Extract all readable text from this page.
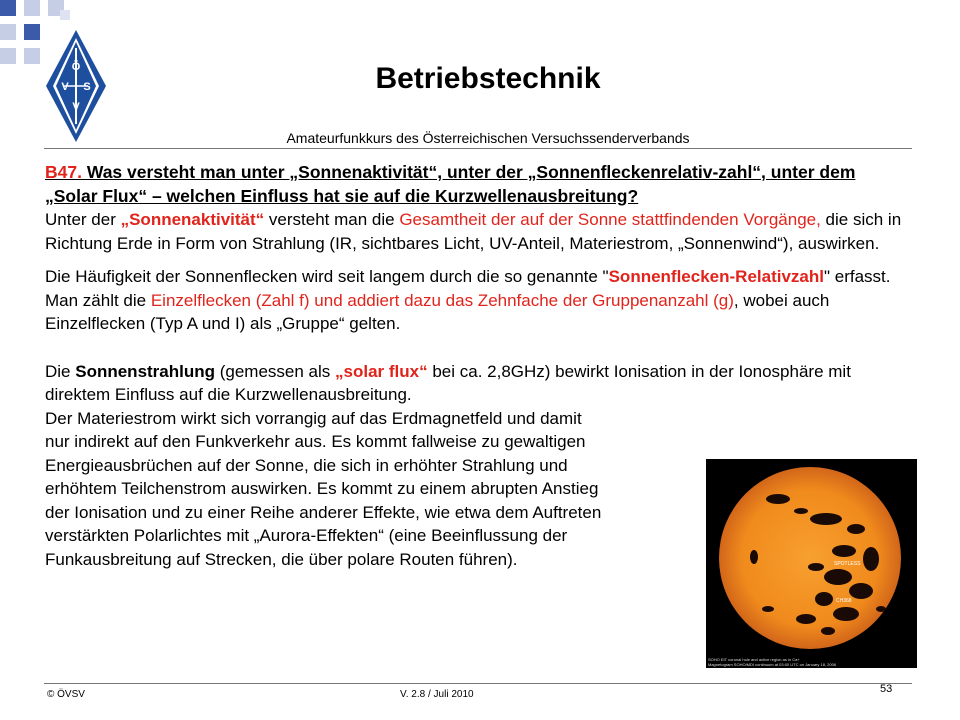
Ö
V S
V
Betriebstechnik
Amateurfunkkurs des Österreichischen Versuchssenderverbands

B47. Was versteht man unter „Sonnenaktivität“, unter der „Sonnenfleckenrelativ-zahl“, unter dem „Solar Flux“ – welchen Einfluss hat sie auf die Kurzwellenausbreitung?

Unter der „Sonnenaktivität“ versteht man die Gesamtheit der auf der Sonne stattfindenden Vorgänge, die sich in Richtung Erde in Form von Strahlung (IR, sichtbares Licht, UV-Anteil, Materiestrom, „Sonnenwind“), auswirken.

Die Häufigkeit der Sonnenflecken wird seit langem durch die so genannte "Sonnenflecken-Relativzahl" erfasst. Man zählt die Einzelflecken (Zahl f) und addiert dazu das Zehnfache der Gruppenanzahl (g), wobei auch Einzelflecken (Typ A und I) als „Gruppe“ gelten.

Die Sonnenstrahlung (gemessen als „solar flux“ bei ca. 2,8GHz) bewirkt Ionisation in der Ionosphäre mit direktem Einfluss auf die Kurzwellenausbreitung.

Der Materiestrom wirkt sich vorrangig auf das Erdmagnetfeld und damit
nur indirekt auf den Funkverkehr aus. Es kommt fallweise zu gewaltigen
Energieausbrüchen auf der Sonne, die sich in erhöhter Strahlung und
erhöhtem Teilchenstrom auswirken. Es kommt zu einem abrupten Anstieg
der Ionisation und zu einer Reihe anderer Effekte, wie etwa dem Auftreten
verstärkten Polarlichtes mit „Aurora-Effekten“ (eine Beeinflussung der
Funkausbreitung auf Strecken, die über polare Routen führen).	SPOTLESS
CH368
SOHO EIT coronal hole and active region as in Ca+
Magnetogram SOHO/MDI continuum at 03:00 UTC on January 18, 2006
© ÖVSV	V. 2.8 / Juli 2010	53
